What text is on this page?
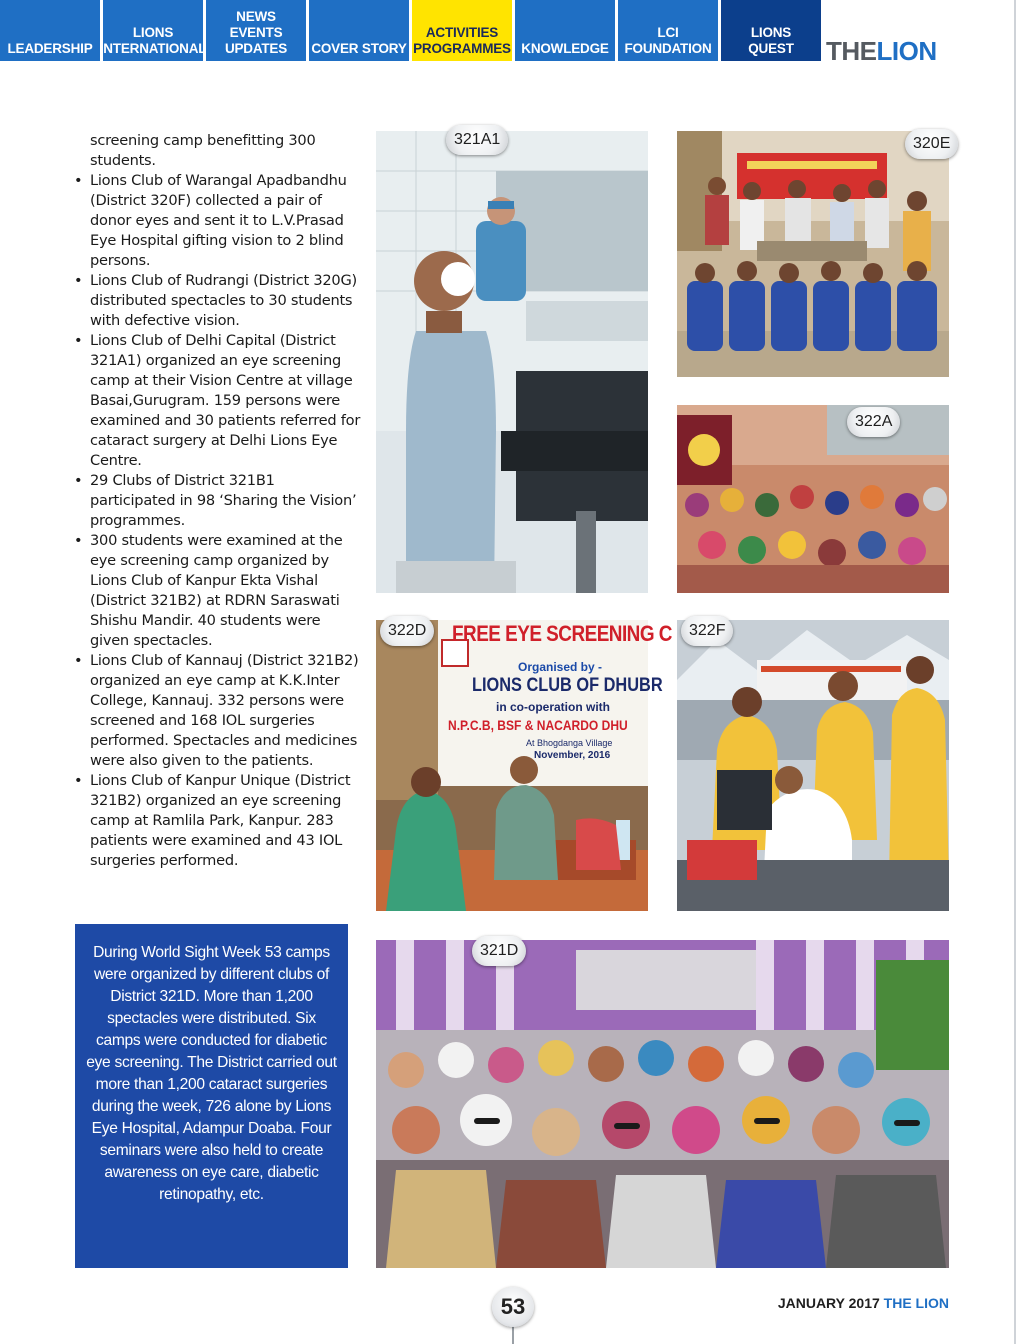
LEADERSHIP
LIONS
INTERNATIONAL
NEWS
EVENTS
UPDATES COVER STORY
ACTIVITIES
PROGRAMMES KNOWLEDGE
LCI
FOUNDATION
LIONS
QUEST THELION

screening camp benefitting 300 students.

• Lions Club of Warangal Apadbandhu (District 320F) collected a pair of donor eyes and sent it to L.V.Prasad Eye Hospital gifting vision to 2 blind persons.
• Lions Club of Rudrangi (District 320G) distributed spectacles to 30 students with defective vision.
• Lions Club of Delhi Capital (District 321A1) organized an eye screening camp at their Vision Centre at village Basai,Gurugram. 159 persons were examined and 30 patients referred for cataract surgery at Delhi Lions Eye Centre.
• 29 Clubs of District 321B1 participated in 98 ‘Sharing the Vision’ programmes.
• 300 students were examined at the eye screening camp organized by Lions Club of Kanpur Ekta Vishal (District 321B2) at RDRN Saraswati Shishu Mandir. 40 students were given spectacles.
• Lions Club of Kannauj (District 321B2) organized an eye camp at K.K.Inter College, Kannauj. 332 persons were screened and 168 IOL surgeries performed. Spectacles and medicines were also given to the patients.
• Lions Club of Kanpur Unique (District 321B2) organized an eye screening camp at Ramlila Park, Kanpur. 283 patients were examined and 43 IOL surgeries performed.

During World Sight Week 53 camps were organized by different clubs of District 321D. More than 1,200 spectacles were distributed. Six camps were conducted for diabetic eye screening. The District carried out more than 1,200 cataract surgeries during the week, 726 alone by Lions Eye Hospital, Adampur Doaba. Four seminars were also held to create awareness on eye care, diabetic retinopathy, etc.

321A1	320E
322A
FREE EYE SCREENING C
Organised by -
LIONS CLUB OF DHUBR
in co-operation with
N.P.C.B, BSF & NACARDO DHU
At Bhogdanga Village
November, 2016
322D	322F
321D
53	JANUARY 2017 THE LION
